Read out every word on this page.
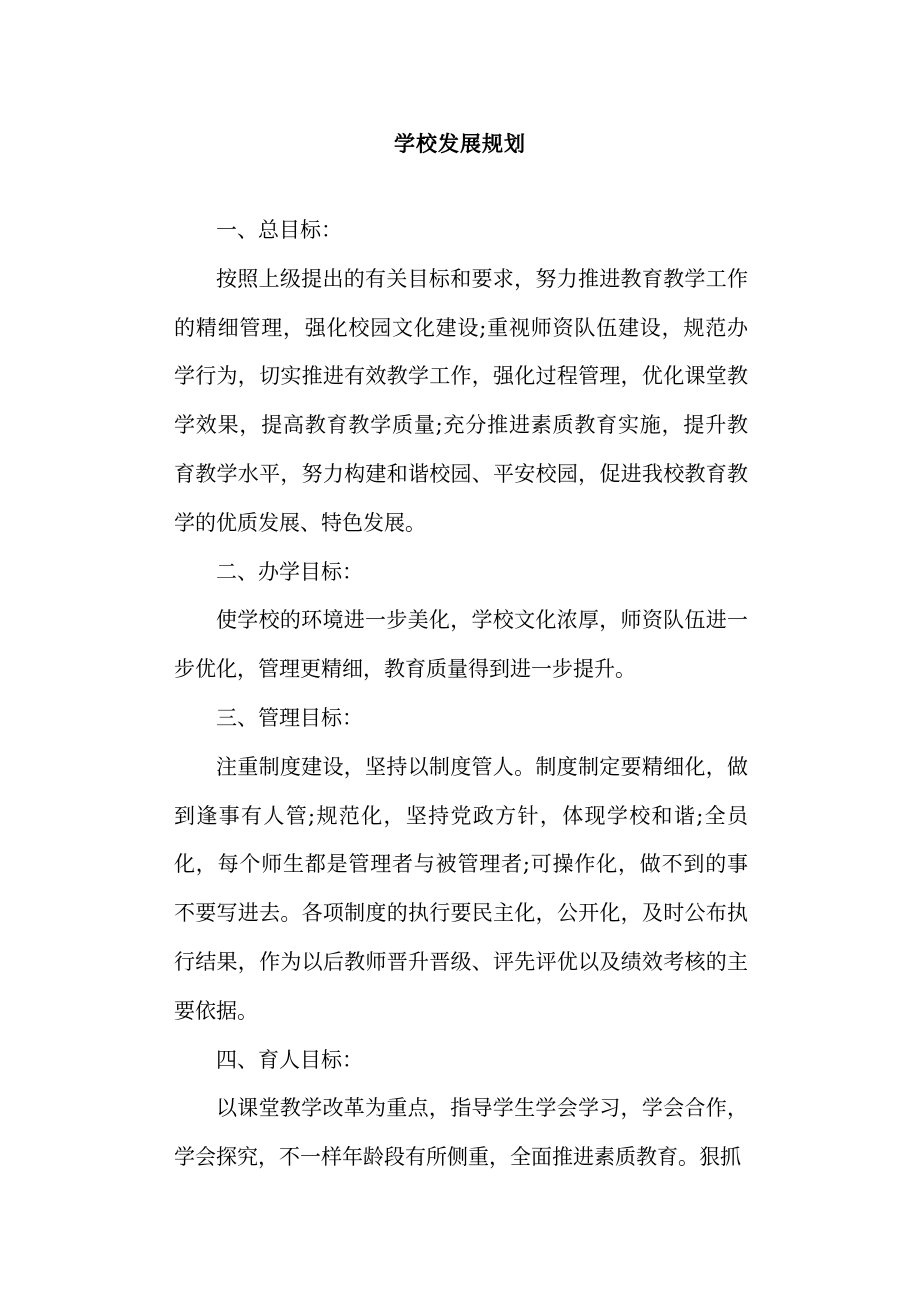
学校发展规划

一、总目标：

按照上级提出的有关目标和要求，努力推进教育教学工作的精细管理，强化校园文化建设;重视师资队伍建设，规范办学行为，切实推进有效教学工作，强化过程管理，优化课堂教学效果，提高教育教学质量;充分推进素质教育实施，提升教育教学水平，努力构建和谐校园、平安校园，促进我校教育教学的优质发展、特色发展。

二、办学目标：

使学校的环境进一步美化，学校文化浓厚，师资队伍进一步优化，管理更精细，教育质量得到进一步提升。

三、管理目标：

注重制度建设，坚持以制度管人。制度制定要精细化，做到逢事有人管;规范化，坚持党政方针，体现学校和谐;全员化，每个师生都是管理者与被管理者;可操作化，做不到的事不要写进去。各项制度的执行要民主化，公开化，及时公布执行结果，作为以后教师晋升晋级、评先评优以及绩效考核的主要依据。

四、育人目标：

以课堂教学改革为重点，指导学生学会学习，学会合作，学会探究，不一样年龄段有所侧重，全面推进素质教育。狠抓
